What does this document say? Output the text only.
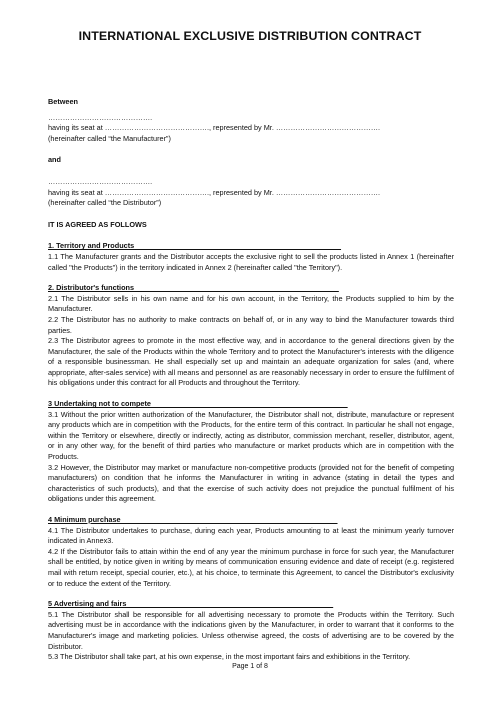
INTERNATIONAL EXCLUSIVE DISTRIBUTION CONTRACT

Between

…………………………………….

having its seat at ……………………………………., represented by Mr. …………………………………….

(hereinafter called “the Manufacturer”)

and

…………………………………….

having its seat at ……………………………………., represented by Mr. …………………………………….

(hereinafter called “the Distributor”)

IT IS AGREED AS FOLLOWS

1. Territory and Products

1.1 The Manufacturer grants and the Distributor accepts the exclusive right to sell the products listed in Annex 1 (hereinafter called "the Products") in the territory indicated in Annex 2 (hereinafter called "the Territory").

2. Distributor's functions

2.1 The Distributor sells in his own name and for his own account, in the Territory, the Products supplied to him by the Manufacturer.

2.2 The Distributor has no authority to make contracts on behalf of, or in any way to bind the Manufacturer towards third parties.

2.3 The Distributor agrees to promote in the most effective way, and in accordance to the general directions given by the Manufacturer, the sale of the Products within the whole Territory and to protect the Manufacturer's interests with the diligence of a responsible businessman. He shall especially set up and maintain an adequate organization for sales (and, where appropriate, after-sales service) with all means and personnel as are reasonably necessary in order to ensure the fulfilment of his obligations under this contract for all Products and throughout the Territory.

3 Undertaking not to compete

3.1 Without the prior written authorization of the Manufacturer, the Distributor shall not, distribute, manufacture or represent any products which are in competition with the Products, for the entire term of this contract. In particular he shall not engage, within the Territory or elsewhere, directly or indirectly, acting as distributor, commission merchant, reseller, distributor, agent, or in any other way, for the benefit of third parties who manufacture or market products which are in competition with the Products.

3.2 However, the Distributor may market or manufacture non-competitive products (provided not for the benefit of competing manufacturers) on condition that he informs the Manufacturer in writing in advance (stating in detail the types and characteristics of such products), and that the exercise of such activity does not prejudice the punctual fulfilment of his obligations under this agreement.

4 Minimum purchase

4.1 The Distributor undertakes to purchase, during each year, Products amounting to at least the minimum yearly turnover indicated in Annex3.

4.2 If the Distributor fails to attain within the end of any year the minimum purchase in force for such year, the Manufacturer shall be entitled, by notice given in writing by means of communication ensuring evidence and date of receipt (e.g. registered mail with return receipt, special courier, etc.), at his choice, to terminate this Agreement, to cancel the Distributor's exclusivity or to reduce the extent of the Territory.

5 Advertising and fairs

5.1 The Distributor shall be responsible for all advertising necessary to promote the Products within the Territory. Such advertising must be in accordance with the indications given by the Manufacturer, in order to warrant that it conforms to the Manufacturer's image and marketing policies. Unless otherwise agreed, the costs of advertising are to be covered by the Distributor.

5.3 The Distributor shall take part, at his own expense, in the most important fairs and exhibitions in the Territory.

Page 1 of 8
